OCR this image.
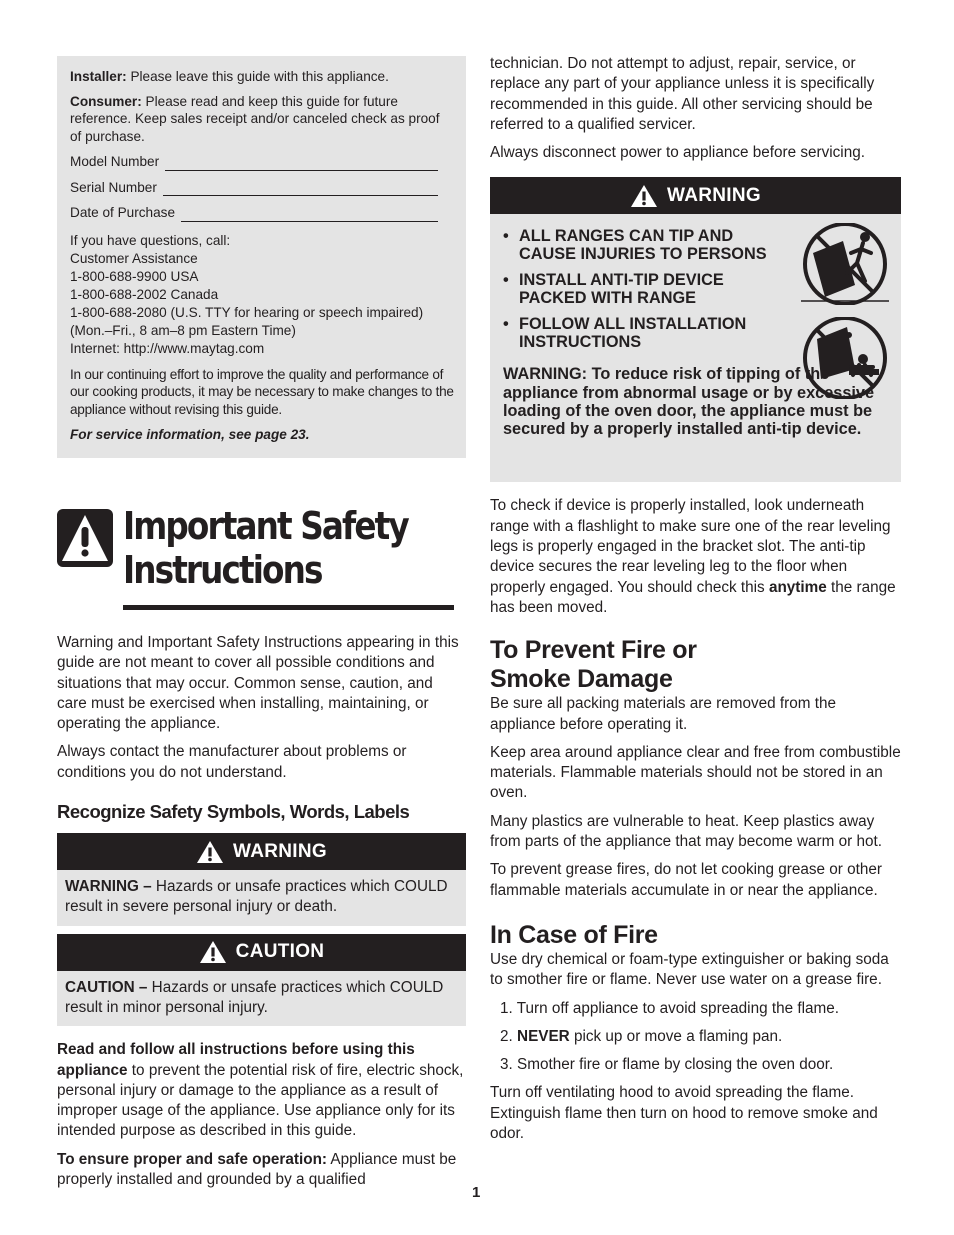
Installer: Please leave this guide with this appliance.

Consumer: Please read and keep this guide for future reference. Keep sales receipt and/or canceled check as proof of purchase.

Model Number
Serial Number
Date of Purchase
If you have questions, call:
Customer Assistance
1-800-688-9900 USA
1-800-688-2002 Canada
1-800-688-2080 (U.S. TTY for hearing or speech impaired)
(Mon.–Fri., 8 am–8 pm Eastern Time)
Internet: http://www.maytag.com

In our continuing effort to improve the quality and performance of our cooking products, it may be necessary to make changes to the appliance without revising this guide.

For service information, see page 23.

Important Safety
Instructions

Warning and Important Safety Instructions appearing in this guide are not meant to cover all possible conditions and situations that may occur. Common sense, caution, and care must be exercised when installing, maintaining, or operating the appliance.

Always contact the manufacturer about problems or conditions you do not understand.

Recognize Safety Symbols, Words, Labels

WARNING
WARNING – Hazards or unsafe practices which COULD result in severe personal injury or death.
CAUTION
CAUTION – Hazards or unsafe practices which COULD result in minor personal injury.

Read and follow all instructions before using this appliance to prevent the potential risk of fire, electric shock, personal injury or damage to the appliance as a result of improper usage of the appliance. Use appliance only for its intended purpose as described in this guide.

To ensure proper and safe operation: Appliance must be properly installed and grounded by a qualified

technician. Do not attempt to adjust, repair, service, or replace any part of your appliance unless it is specifically recommended in this guide. All other servicing should be referred to a qualified servicer.

Always disconnect power to appliance before servicing.

WARNING
• ALL RANGES CAN TIP AND CAUSE INJURIES TO PERSONS
• INSTALL ANTI-TIP DEVICE PACKED WITH RANGE
• FOLLOW ALL INSTALLATION INSTRUCTIONS

WARNING: To reduce risk of tipping of the appliance from abnormal usage or by excessive loading of the oven door, the appliance must be secured by a properly installed anti-tip device.

To check if device is properly installed, look underneath range with a flashlight to make sure one of the rear leveling legs is properly engaged in the bracket slot. The anti-tip device secures the rear leveling leg to the floor when properly engaged. You should check this anytime the range has been moved.

To Prevent Fire or
Smoke Damage

Be sure all packing materials are removed from the appliance before operating it.

Keep area around appliance clear and free from combustible materials. Flammable materials should not be stored in an oven.

Many plastics are vulnerable to heat. Keep plastics away from parts of the appliance that may become warm or hot.

To prevent grease fires, do not let cooking grease or other flammable materials accumulate in or near the appliance.

In Case of Fire

Use dry chemical or foam-type extinguisher or baking soda to smother fire or flame. Never use water on a grease fire.

1. Turn off appliance to avoid spreading the flame.
2. NEVER pick up or move a flaming pan.
3. Smother fire or flame by closing the oven door.

Turn off ventilating hood to avoid spreading the flame. Extinguish flame then turn on hood to remove smoke and odor.

1
